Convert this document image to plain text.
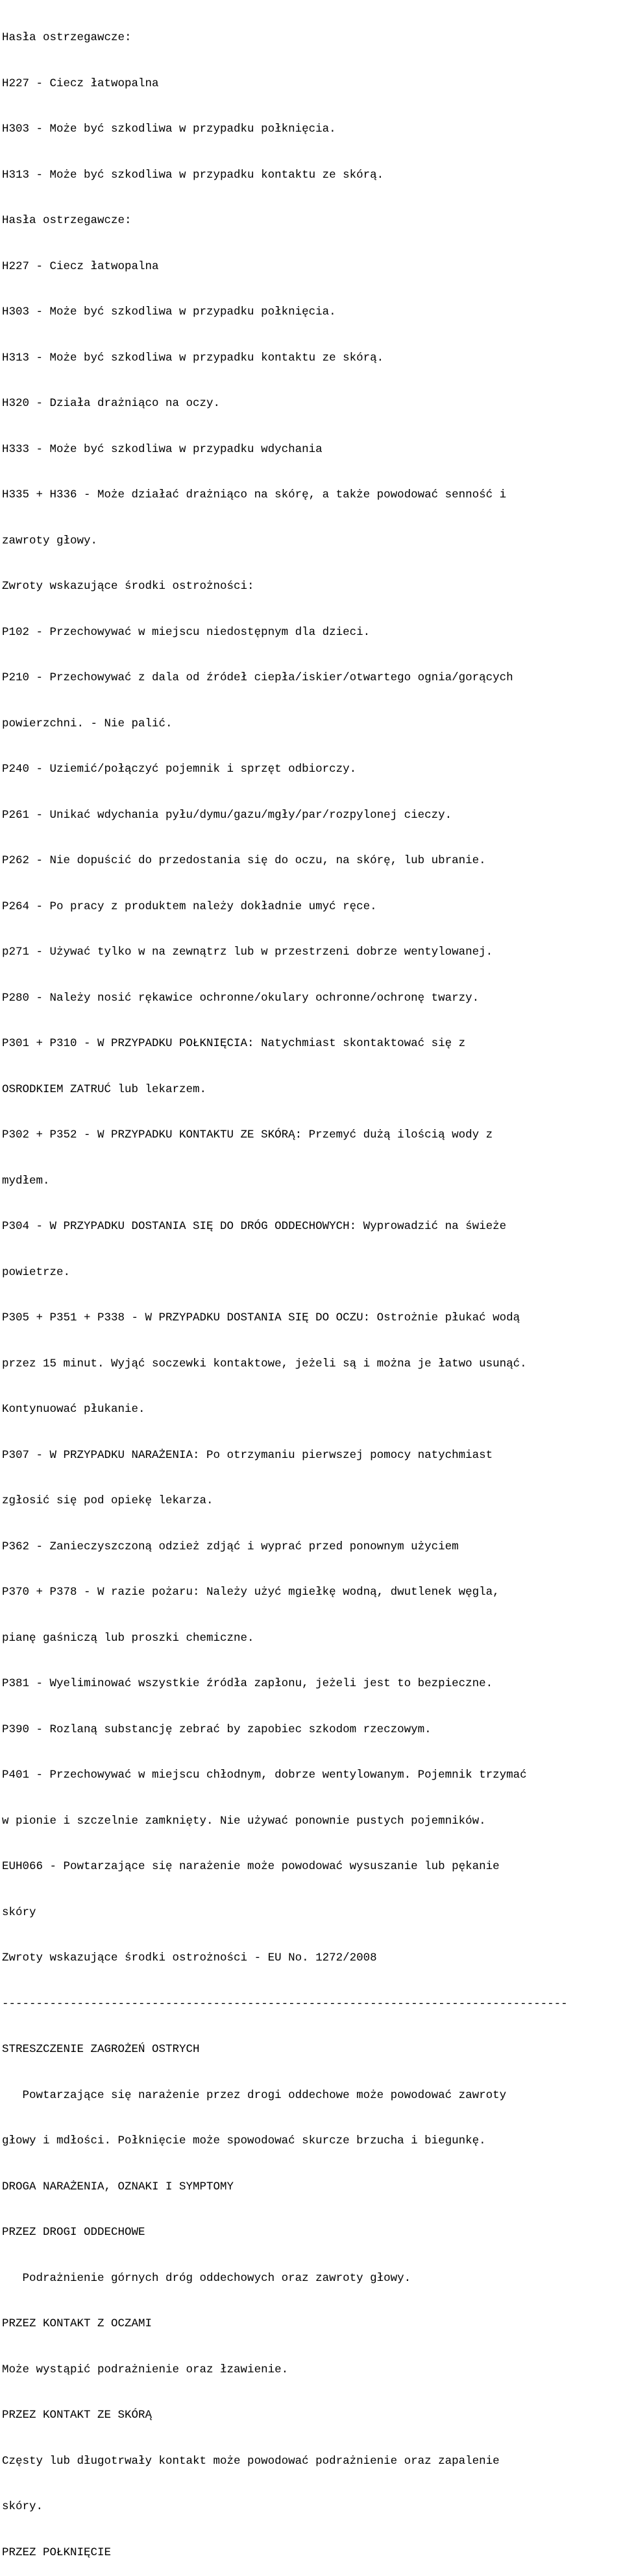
Hasła ostrzegawcze:

H227 - Ciecz łatwopalna

H303 - Może być szkodliwa w przypadku połknięcia.

H313 - Może być szkodliwa w przypadku kontaktu ze skórą.

Hasła ostrzegawcze:

H227 - Ciecz łatwopalna

H303 - Może być szkodliwa w przypadku połknięcia.

H313 - Może być szkodliwa w przypadku kontaktu ze skórą.

H320 - Działa drażniąco na oczy.

H333 - Może być szkodliwa w przypadku wdychania

H335 + H336 - Może działać drażniąco na skórę, a także powodować senność i

zawroty głowy.

Zwroty wskazujące środki ostrożności:

P102 - Przechowywać w miejscu niedostępnym dla dzieci.

P210 - Przechowywać z dala od źródeł ciepła/iskier/otwartego ognia/gorących

powierzchni. - Nie palić.

P240 - Uziemić/połączyć pojemnik i sprzęt odbiorczy.

P261 - Unikać wdychania pyłu/dymu/gazu/mgły/par/rozpylonej cieczy.

P262 - Nie dopuścić do przedostania się do oczu, na skórę, lub ubranie.

P264 - Po pracy z produktem należy dokładnie umyć ręce.

p271 - Używać tylko w na zewnątrz lub w przestrzeni dobrze wentylowanej.

P280 - Należy nosić rękawice ochronne/okulary ochronne/ochronę twarzy.

P301 + P310 - W PRZYPADKU POŁKNIĘCIA: Natychmiast skontaktować się z

OSRODKIEM ZATRUĆ lub lekarzem.

P302 + P352 - W PRZYPADKU KONTAKTU ZE SKÓRĄ: Przemyć dużą ilością wody z

mydłem.

P304 - W PRZYPADKU DOSTANIA SIĘ DO DRÓG ODDECHOWYCH: Wyprowadzić na świeże

powietrze.

P305 + P351 + P338 - W PRZYPADKU DOSTANIA SIĘ DO OCZU: Ostrożnie płukać wodą

przez 15 minut. Wyjąć soczewki kontaktowe, jeżeli są i można je łatwo usunąć.

Kontynuować płukanie.

P307 - W PRZYPADKU NARAŻENIA: Po otrzymaniu pierwszej pomocy natychmiast

zgłosić się pod opiekę lekarza.

P362 - Zanieczyszczoną odzież zdjąć i wyprać przed ponownym użyciem

P370 + P378 - W razie pożaru: Należy użyć mgiełkę wodną, dwutlenek węgla,

pianę gaśniczą lub proszki chemiczne.

P381 - Wyeliminować wszystkie źródła zapłonu, jeżeli jest to bezpieczne.

P390 - Rozlaną substancję zebrać by zapobiec szkodom rzeczowym.

P401 - Przechowywać w miejscu chłodnym, dobrze wentylowanym. Pojemnik trzymać

w pionie i szczelnie zamknięty. Nie używać ponownie pustych pojemników.

EUH066 - Powtarzające się narażenie może powodować wysuszanie lub pękanie

skóry

Zwroty wskazujące środki ostrożności - EU No. 1272/2008

-----------------------------------------------------------------------------------

STRESZCZENIE ZAGROŻEŃ OSTRYCH

Powtarzające się narażenie przez drogi oddechowe może powodować zawroty

głowy i mdłości. Połknięcie może spowodować skurcze brzucha i biegunkę.

DROGA NARAŻENIA, OZNAKI I SYMPTOMY

PRZEZ DROGI ODDECHOWE

Podrażnienie górnych dróg oddechowych oraz zawroty głowy.

PRZEZ KONTAKT Z OCZAMI

Może wystąpić podrażnienie oraz łzawienie.

PRZEZ KONTAKT ZE SKÓRĄ

Częsty lub długotrwały kontakt może powodować podrażnienie oraz zapalenie

skóry.

PRZEZ POŁKNIĘCIE
